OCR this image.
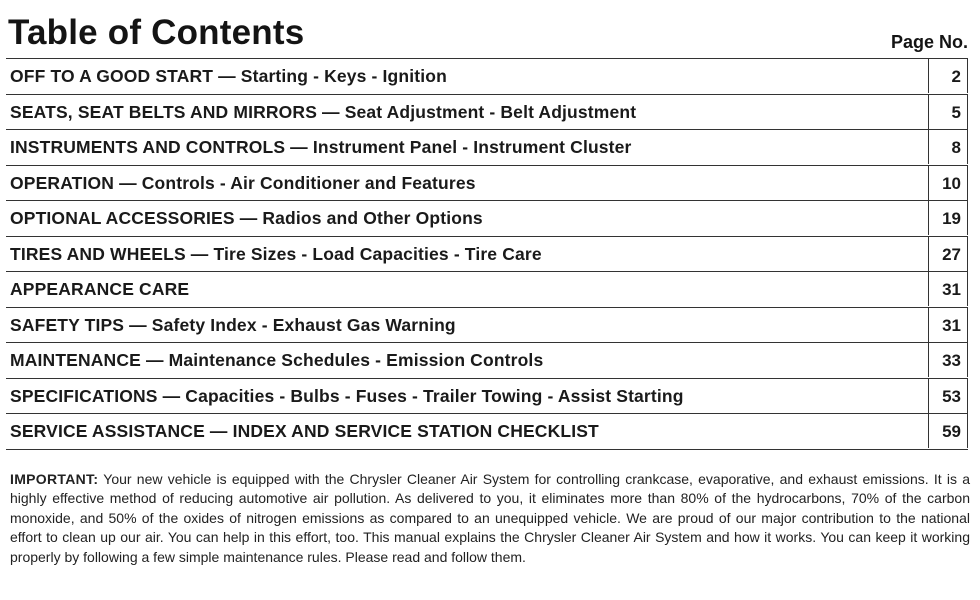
Table of Contents	Page No.
OFF TO A GOOD START — Starting - Keys - Ignition	2
SEATS, SEAT BELTS AND MIRRORS — Seat Adjustment - Belt Adjustment	5
INSTRUMENTS AND CONTROLS — Instrument Panel - Instrument Cluster	8
OPERATION — Controls - Air Conditioner and Features	10
OPTIONAL ACCESSORIES — Radios and Other Options	19
TIRES AND WHEELS — Tire Sizes - Load Capacities - Tire Care	27
APPEARANCE CARE	31
SAFETY TIPS — Safety Index - Exhaust Gas Warning	31
MAINTENANCE — Maintenance Schedules - Emission Controls	33
SPECIFICATIONS — Capacities - Bulbs - Fuses - Trailer Towing - Assist Starting	53
SERVICE ASSISTANCE — INDEX AND SERVICE STATION CHECKLIST	59

IMPORTANT: Your new vehicle is equipped with the Chrysler Cleaner Air System for controlling crankcase, evaporative, and exhaust emissions. It is a highly effective method of reducing automotive air pollution. As delivered to you, it eliminates more than 80% of the hydrocarbons, 70% of the carbon monoxide, and 50% of the oxides of nitrogen emissions as compared to an unequipped vehicle. We are proud of our major contribution to the national effort to clean up our air. You can help in this effort, too. This manual explains the Chrysler Cleaner Air System and how it works. You can keep it working properly by following a few simple maintenance rules. Please read and follow them.
